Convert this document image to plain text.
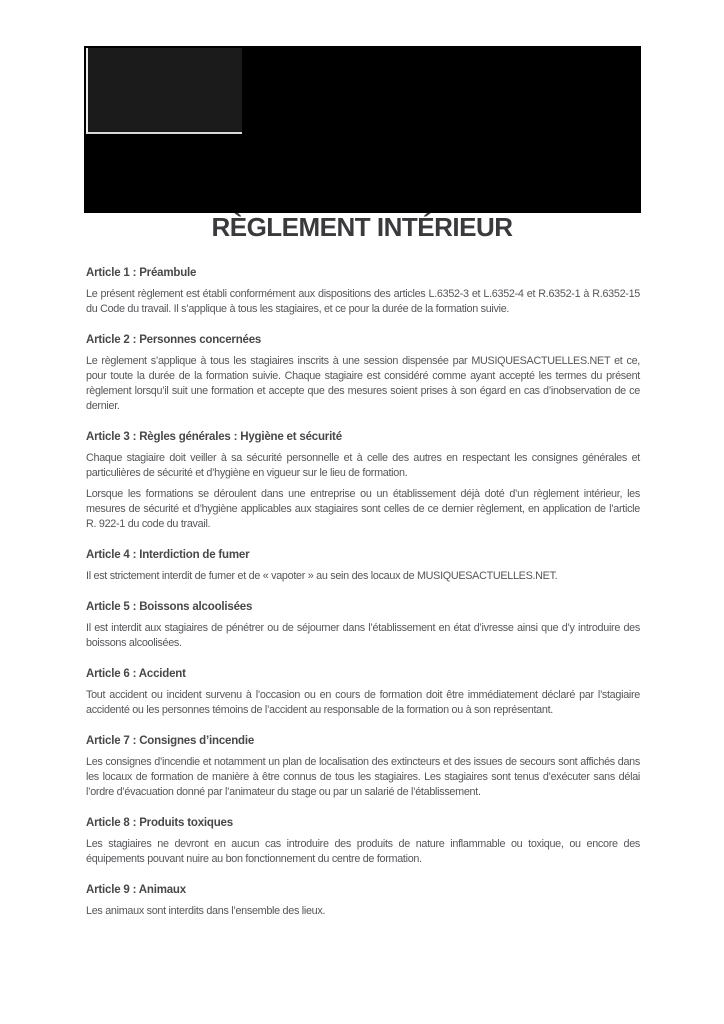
RÈGLEMENT INTÉRIEUR
Article 1 : Préambule

Le présent règlement est établi conformément aux dispositions des articles L.6352-3 et L.6352-4 et R.6352-1 à R.6352-15 du Code du travail. Il s’applique à tous les stagiaires, et ce pour la durée de la formation suivie.

Article 2 : Personnes concernées

Le règlement s’applique à tous les stagiaires inscrits à une session dispensée par MUSIQUESACTUELLES.NET et ce, pour toute la durée de la formation suivie. Chaque stagiaire est considéré comme ayant accepté les termes du présent règlement lorsqu’il suit une formation et accepte que des mesures soient prises à son égard en cas d’inobservation de ce dernier.

Article 3 : Règles générales : Hygiène et sécurité

Chaque stagiaire doit veiller à sa sécurité personnelle et à celle des autres en respectant les consignes générales et particulières de sécurité et d’hygiène en vigueur sur le lieu de formation.

Lorsque les formations se déroulent dans une entreprise ou un établissement déjà doté d’un règlement intérieur, les mesures de sécurité et d’hygiène applicables aux stagiaires sont celles de ce dernier règlement, en application de l’article R. 922-1 du code du travail.

Article 4 : Interdiction de fumer

Il est strictement interdit de fumer et de « vapoter » au sein des locaux de MUSIQUESACTUELLES.NET.

Article 5 : Boissons alcoolisées

Il est interdit aux stagiaires de pénétrer ou de séjourner dans l’établissement en état d’ivresse ainsi que d’y introduire des boissons alcoolisées.

Article 6 : Accident

Tout accident ou incident survenu à l’occasion ou en cours de formation doit être immédiatement déclaré par l’stagiaire accidenté ou les personnes témoins de l’accident au responsable de la formation ou à son représentant.

Article 7 : Consignes d’incendie

Les consignes d’incendie et notamment un plan de localisation des extincteurs et des issues de secours sont affichés dans les locaux de formation de manière à être connus de tous les stagiaires. Les stagiaires sont tenus d’exécuter sans délai l’ordre d’évacuation donné par l’animateur du stage ou par un salarié de l’établissement.

Article 8 : Produits toxiques

Les stagiaires ne devront en aucun cas introduire des produits de nature inflammable ou toxique, ou encore des équipements pouvant nuire au bon fonctionnement du centre de formation.

Article 9 : Animaux

Les animaux sont interdits dans l’ensemble des lieux.
